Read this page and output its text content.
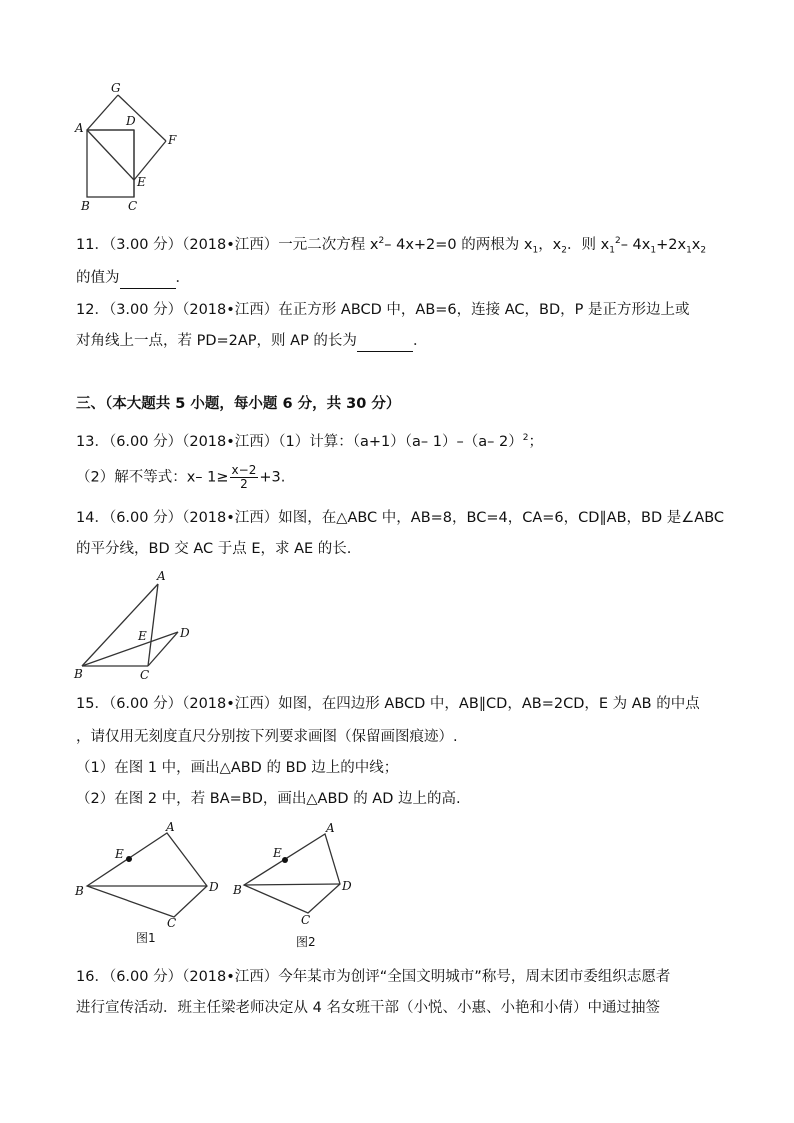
G
A	D
F
E
B	C
11．（3.00 分）（2018•江西）一元二次方程 $x^2-$ 4x+2=0 的两根为 $x_1$，$x_2$．则 $x_1^2-$ $4x_1+2x_1x_2$
的值为	．
12．（3.00 分）（2018•江西）在正方形 ABCD 中，AB=6，连接 AC，BD，P 是正方形边上或
对角线上一点，若 PD=2AP，则 AP 的长为	．
三、（本大题共 5 小题，每小题 6 分，共 30 分）
13．（6.00 分）（2018•江西）（1）计算：（a+1）（a– 1）–（a– 2）$^2$；
（2）解不等式：x– $1\ge \frac{x-2}{2} +3$.
14．（6.00 分）（2018•江西）如图，在△ABC 中，AB=8，BC=4，CA=6，CD∥AB，BD 是∠ABC
的平分线，BD 交 AC 于点 E，求 AE 的长.
A
E	D
B	C
15．（6.00 分）（2018•江西）如图，在四边形 ABCD 中，AB∥CD，AB=2CD，E 为 AB 的中点
，请仅用无刻度直尺分别按下列要求画图（保留画图痕迹）.
（1）在图 1 中，画出△ABD 的 BD 边上的中线；
（2）在图 2 中，若 BA=BD，画出△ABD 的 AD 边上的高.
A
E
D
B
C
图1
A
E
D
B
C
图2
16．（6.00 分）（2018•江西）今年某市为创评“全国文明城市”称号，周末团市委组织志愿者
进行宣传活动．班主任梁老师决定从 4 名女班干部（小悦、小惠、小艳和小倩）中通过抽签
